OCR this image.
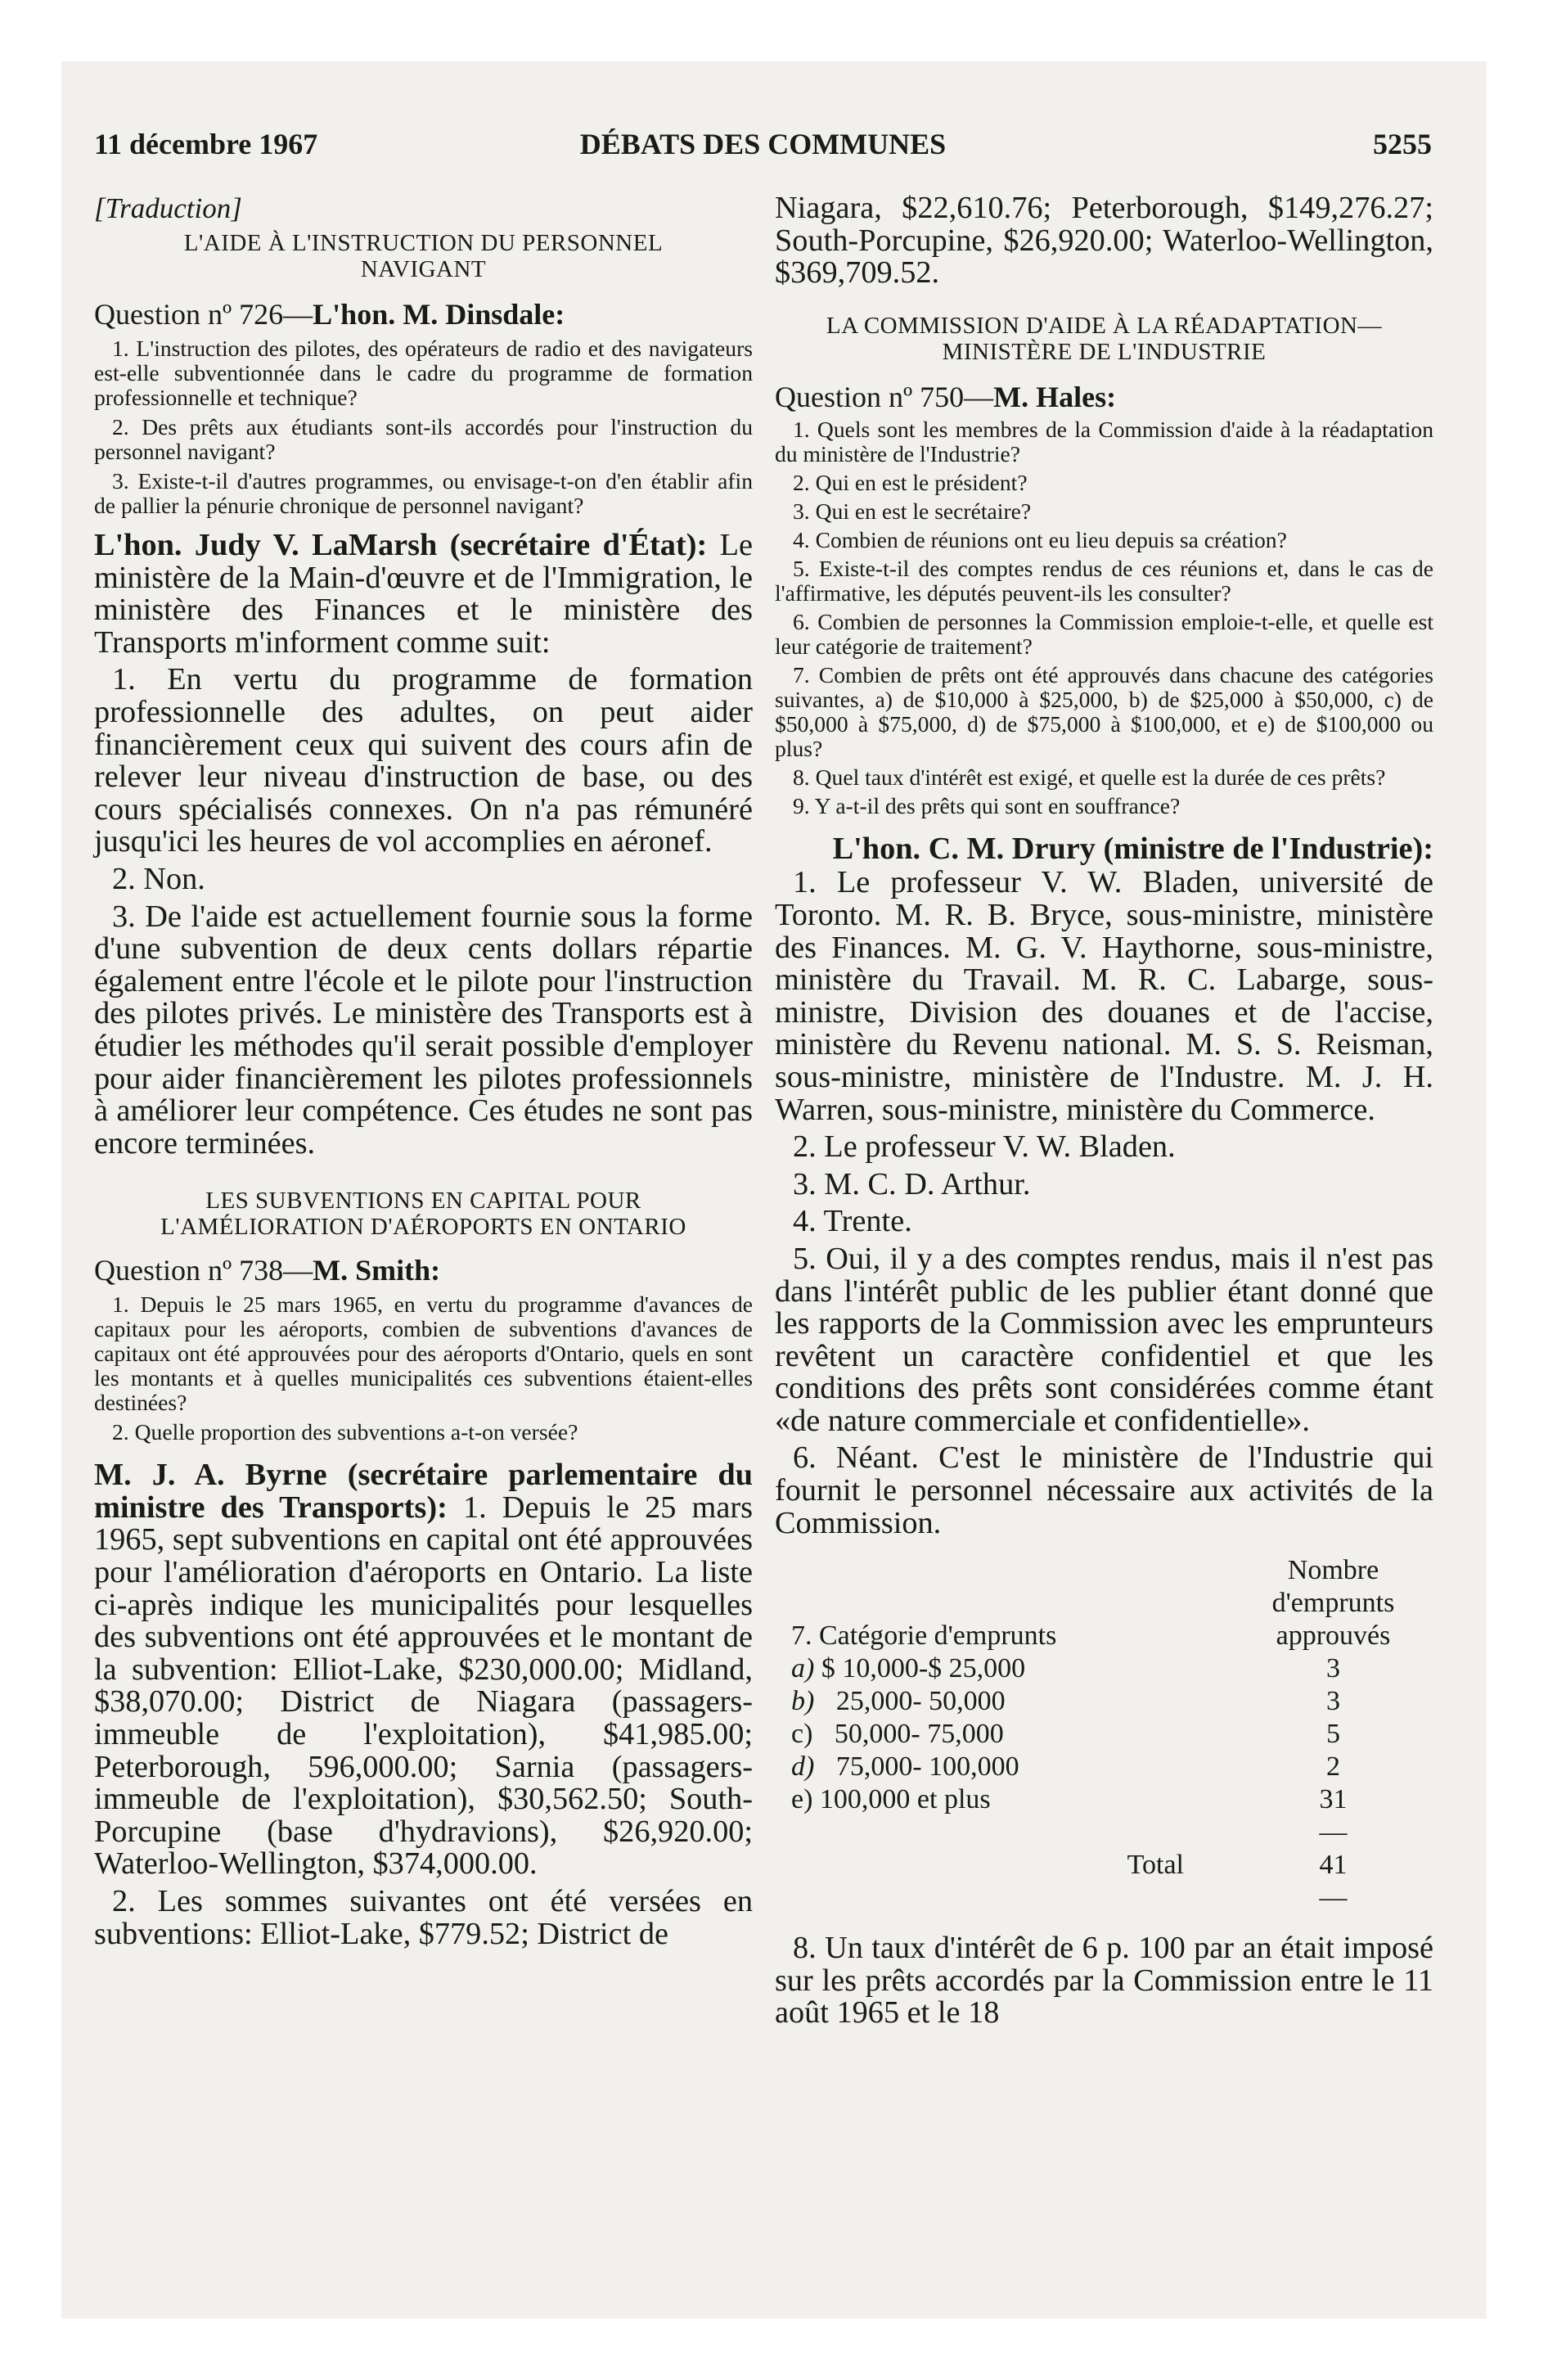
11 décembre 1967	DÉBATS DES COMMUNES	5255

[Traduction]

L'AIDE À L'INSTRUCTION DU PERSONNEL NAVIGANT

Question nº 726—L'hon. M. Dinsdale:

1. L'instruction des pilotes, des opérateurs de radio et des navigateurs est-elle subventionnée dans le cadre du programme de formation professionnelle et technique?

2. Des prêts aux étudiants sont-ils accordés pour l'instruction du personnel navigant?

3. Existe-t-il d'autres programmes, ou envisage-t-on d'en établir afin de pallier la pénurie chronique de personnel navigant?

L'hon. Judy V. LaMarsh (secrétaire d'État): Le ministère de la Main-d'œuvre et de l'Immigration, le ministère des Finances et le ministère des Transports m'informent comme suit:

1. En vertu du programme de formation professionnelle des adultes, on peut aider financièrement ceux qui suivent des cours afin de relever leur niveau d'instruction de base, ou des cours spécialisés connexes. On n'a pas rémunéré jusqu'ici les heures de vol accomplies en aéronef.

2. Non.

3. De l'aide est actuellement fournie sous la forme d'une subvention de deux cents dollars répartie également entre l'école et le pilote pour l'instruction des pilotes privés. Le ministère des Transports est à étudier les méthodes qu'il serait possible d'employer pour aider financièrement les pilotes professionnels à améliorer leur compétence. Ces études ne sont pas encore terminées.

LES SUBVENTIONS EN CAPITAL POUR L'AMÉLIORATION D'AÉROPORTS EN ONTARIO

Question nº 738—M. Smith:

1. Depuis le 25 mars 1965, en vertu du programme d'avances de capitaux pour les aéroports, combien de subventions d'avances de capitaux ont été approuvées pour des aéroports d'Ontario, quels en sont les montants et à quelles municipalités ces subventions étaient-elles destinées?

2. Quelle proportion des subventions a-t-on versée?

M. J. A. Byrne (secrétaire parlementaire du ministre des Transports): 1. Depuis le 25 mars 1965, sept subventions en capital ont été approuvées pour l'amélioration d'aéroports en Ontario. La liste ci-après indique les municipalités pour lesquelles des subventions ont été approuvées et le montant de la subvention: Elliot-Lake, $230,000.00; Midland, $38,070.00; District de Niagara (passagers-immeuble de l'exploitation), $41,985.00; Peterborough, 596,000.00; Sarnia (passagers-immeuble de l'exploitation), $30,562.50; South-Porcupine (base d'hydravions), $26,920.00; Waterloo-Wellington, $374,000.00.

2. Les sommes suivantes ont été versées en subventions: Elliot-Lake, $779.52; District de

Niagara, $22,610.76; Peterborough, $149,276.27; South-Porcupine, $26,920.00; Waterloo-Wellington, $369,709.52.

LA COMMISSION D'AIDE À LA RÉADAPTATION—MINISTÈRE DE L'INDUSTRIE

Question nº 750—M. Hales:

1. Quels sont les membres de la Commission d'aide à la réadaptation du ministère de l'Industrie?

2. Qui en est le président?

3. Qui en est le secrétaire?

4. Combien de réunions ont eu lieu depuis sa création?

5. Existe-t-il des comptes rendus de ces réunions et, dans le cas de l'affirmative, les députés peuvent-ils les consulter?

6. Combien de personnes la Commission emploie-t-elle, et quelle est leur catégorie de traitement?

7. Combien de prêts ont été approuvés dans chacune des catégories suivantes, a) de $10,000 à $25,000, b) de $25,000 à $50,000, c) de $50,000 à $75,000, d) de $75,000 à $100,000, et e) de $100,000 ou plus?

8. Quel taux d'intérêt est exigé, et quelle est la durée de ces prêts?

9. Y a-t-il des prêts qui sont en souffrance?

L'hon. C. M. Drury (ministre de l'Industrie):

1. Le professeur V. W. Bladen, université de Toronto. M. R. B. Bryce, sous-ministre, ministère des Finances. M. G. V. Haythorne, sous-ministre, ministère du Travail. M. R. C. Labarge, sous-ministre, Division des douanes et de l'accise, ministère du Revenu national. M. S. S. Reisman, sous-ministre, ministère de l'Industre. M. J. H. Warren, sous-ministre, ministère du Commerce.

2. Le professeur V. W. Bladen.

3. M. C. D. Arthur.

4. Trente.

5. Oui, il y a des comptes rendus, mais il n'est pas dans l'intérêt public de les publier étant donné que les rapports de la Commission avec les emprunteurs revêtent un caractère confidentiel et que les conditions des prêts sont considérées comme étant «de nature commerciale et confidentielle».

6. Néant. C'est le ministère de l'Industrie qui fournit le personnel nécessaire aux activités de la Commission.

	Nombre d'emprunts
7. Catégorie d'emprunts	approuvés
a) $ 10,000-$ 25,000	3
b) 25,000- 50,000	3
c) 50,000- 75,000	5
d) 75,000- 100,000	2
e) 100,000 et plus	31
	—
Total	41
	—

8. Un taux d'intérêt de 6 p. 100 par an était imposé sur les prêts accordés par la Commission entre le 11 août 1965 et le 18
